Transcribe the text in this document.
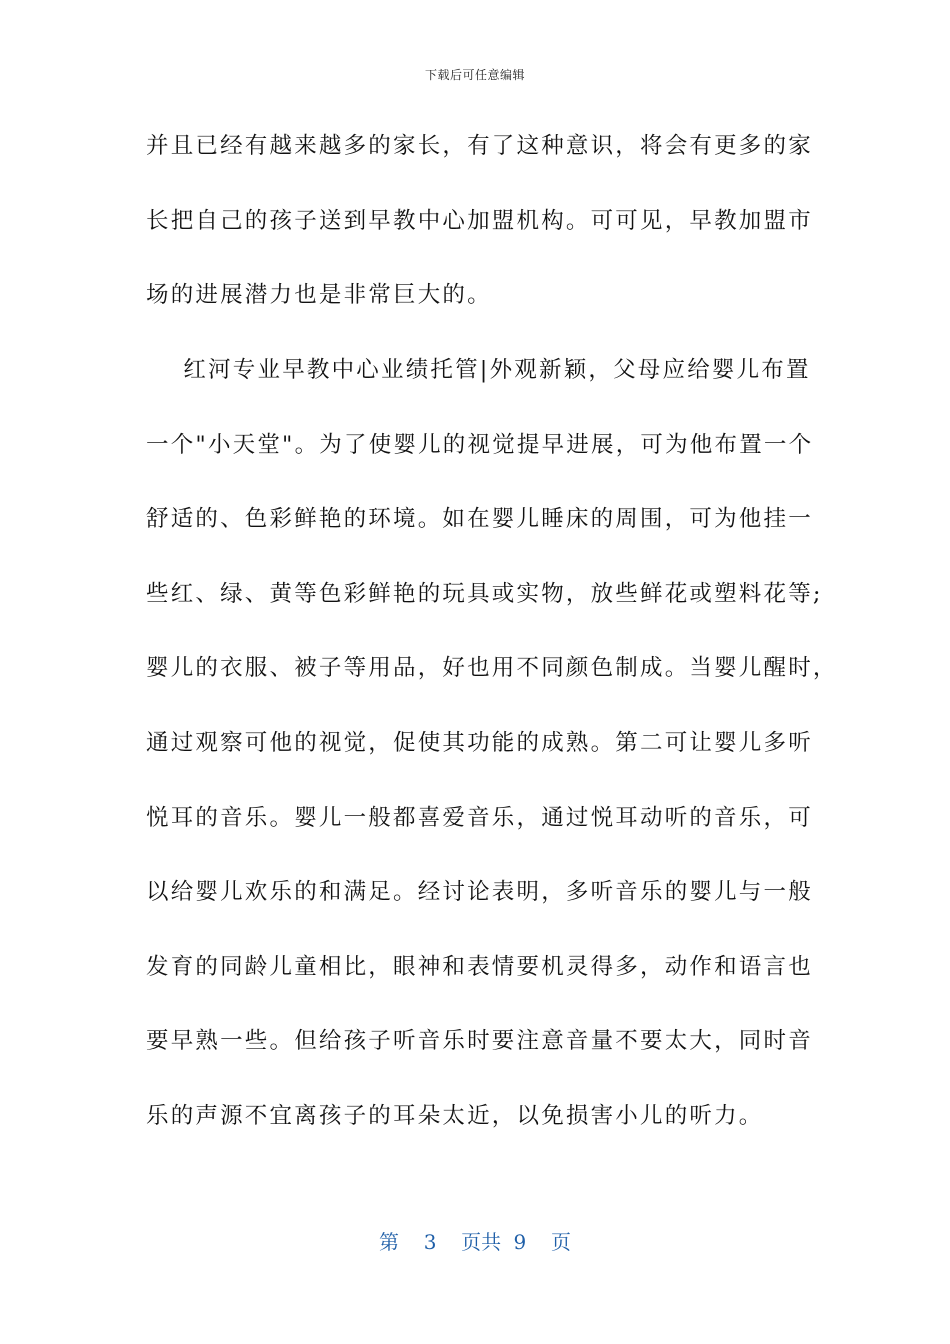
下载后可任意编辑
并且已经有越来越多的家长，有了这种意识，将会有更多的家
长把自己的孩子送到早教中心加盟机构。可可见，早教加盟市
场的进展潜力也是非常巨大的。
红河专业早教中心业绩托管|外观新颖，父母应给婴儿布置
一个"小天堂"。为了使婴儿的视觉提早进展，可为他布置一个
舒适的、色彩鲜艳的环境。如在婴儿睡床的周围，可为他挂一
些红、绿、黄等色彩鲜艳的玩具或实物，放些鲜花或塑料花等;
婴儿的衣服、被子等用品，好也用不同颜色制成。当婴儿醒时，
通过观察可他的视觉，促使其功能的成熟。第二可让婴儿多听
悦耳的音乐。婴儿一般都喜爱音乐，通过悦耳动听的音乐，可
以给婴儿欢乐的和满足。经讨论表明，多听音乐的婴儿与一般
发育的同龄儿童相比，眼神和表情要机灵得多，动作和语言也
要早熟一些。但给孩子听音乐时要注意音量不要太大，同时音
乐的声源不宜离孩子的耳朵太近，以免损害小儿的听力。
第  3  页共 9  页
